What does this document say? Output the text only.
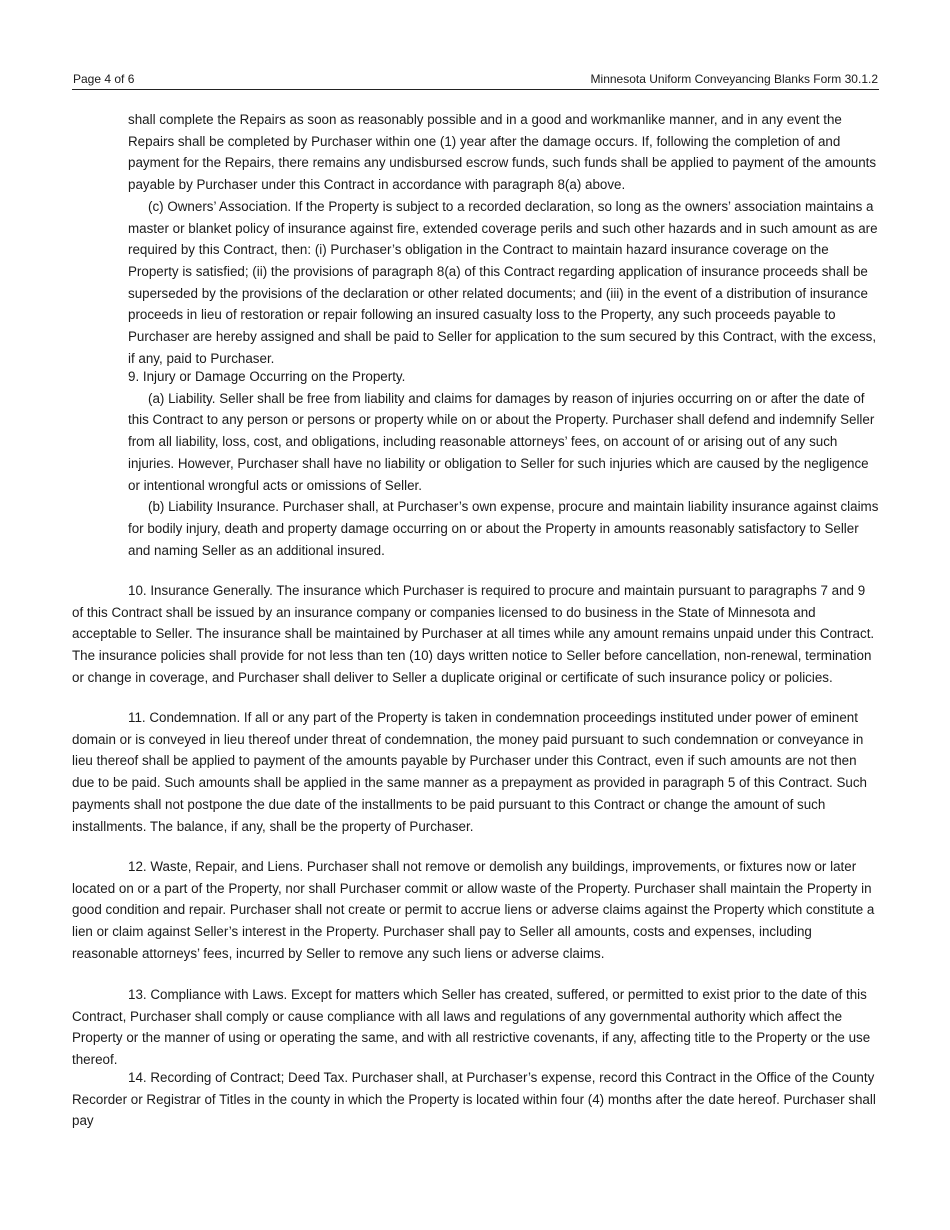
Page 4 of 6	Minnesota Uniform Conveyancing Blanks Form 30.1.2

shall complete the Repairs as soon as reasonably possible and in a good and workmanlike manner, and in any event the Repairs shall be completed by Purchaser within one (1) year after the damage occurs. If, following the completion of and payment for the Repairs, there remains any undisbursed escrow funds, such funds shall be applied to payment of the amounts payable by Purchaser under this Contract in accordance with paragraph 8(a) above.

(c) Owners’ Association. If the Property is subject to a recorded declaration, so long as the owners’ association maintains a master or blanket policy of insurance against fire, extended coverage perils and such other hazards and in such amount as are required by this Contract, then: (i) Purchaser’s obligation in the Contract to maintain hazard insurance coverage on the Property is satisfied; (ii) the provisions of paragraph 8(a) of this Contract regarding application of insurance proceeds shall be superseded by the provisions of the declaration or other related documents; and (iii) in the event of a distribution of insurance proceeds in lieu of restoration or repair following an insured casualty loss to the Property, any such proceeds payable to Purchaser are hereby assigned and shall be paid to Seller for application to the sum secured by this Contract, with the excess, if any, paid to Purchaser.

9. Injury or Damage Occurring on the Property.

(a) Liability. Seller shall be free from liability and claims for damages by reason of injuries occurring on or after the date of this Contract to any person or persons or property while on or about the Property. Purchaser shall defend and indemnify Seller from all liability, loss, cost, and obligations, including reasonable attorneys’ fees, on account of or arising out of any such injuries. However, Purchaser shall have no liability or obligation to Seller for such injuries which are caused by the negligence or intentional wrongful acts or omissions of Seller.

(b) Liability Insurance. Purchaser shall, at Purchaser’s own expense, procure and maintain liability insurance against claims for bodily injury, death and property damage occurring on or about the Property in amounts reasonably satisfactory to Seller and naming Seller as an additional insured.

10. Insurance Generally. The insurance which Purchaser is required to procure and maintain pursuant to paragraphs 7 and 9 of this Contract shall be issued by an insurance company or companies licensed to do business in the State of Minnesota and acceptable to Seller. The insurance shall be maintained by Purchaser at all times while any amount remains unpaid under this Contract. The insurance policies shall provide for not less than ten (10) days written notice to Seller before cancellation, non-renewal, termination or change in coverage, and Purchaser shall deliver to Seller a duplicate original or certificate of such insurance policy or policies.

11. Condemnation. If all or any part of the Property is taken in condemnation proceedings instituted under power of eminent domain or is conveyed in lieu thereof under threat of condemnation, the money paid pursuant to such condemnation or conveyance in lieu thereof shall be applied to payment of the amounts payable by Purchaser under this Contract, even if such amounts are not then due to be paid. Such amounts shall be applied in the same manner as a prepayment as provided in paragraph 5 of this Contract. Such payments shall not postpone the due date of the installments to be paid pursuant to this Contract or change the amount of such installments. The balance, if any, shall be the property of Purchaser.

12. Waste, Repair, and Liens. Purchaser shall not remove or demolish any buildings, improvements, or fixtures now or later located on or a part of the Property, nor shall Purchaser commit or allow waste of the Property. Purchaser shall maintain the Property in good condition and repair. Purchaser shall not create or permit to accrue liens or adverse claims against the Property which constitute a lien or claim against Seller’s interest in the Property. Purchaser shall pay to Seller all amounts, costs and expenses, including reasonable attorneys’ fees, incurred by Seller to remove any such liens or adverse claims.

13. Compliance with Laws. Except for matters which Seller has created, suffered, or permitted to exist prior to the date of this Contract, Purchaser shall comply or cause compliance with all laws and regulations of any governmental authority which affect the Property or the manner of using or operating the same, and with all restrictive covenants, if any, affecting title to the Property or the use thereof.

14. Recording of Contract; Deed Tax. Purchaser shall, at Purchaser’s expense, record this Contract in the Office of the County Recorder or Registrar of Titles in the county in which the Property is located within four (4) months after the date hereof. Purchaser shall pay
